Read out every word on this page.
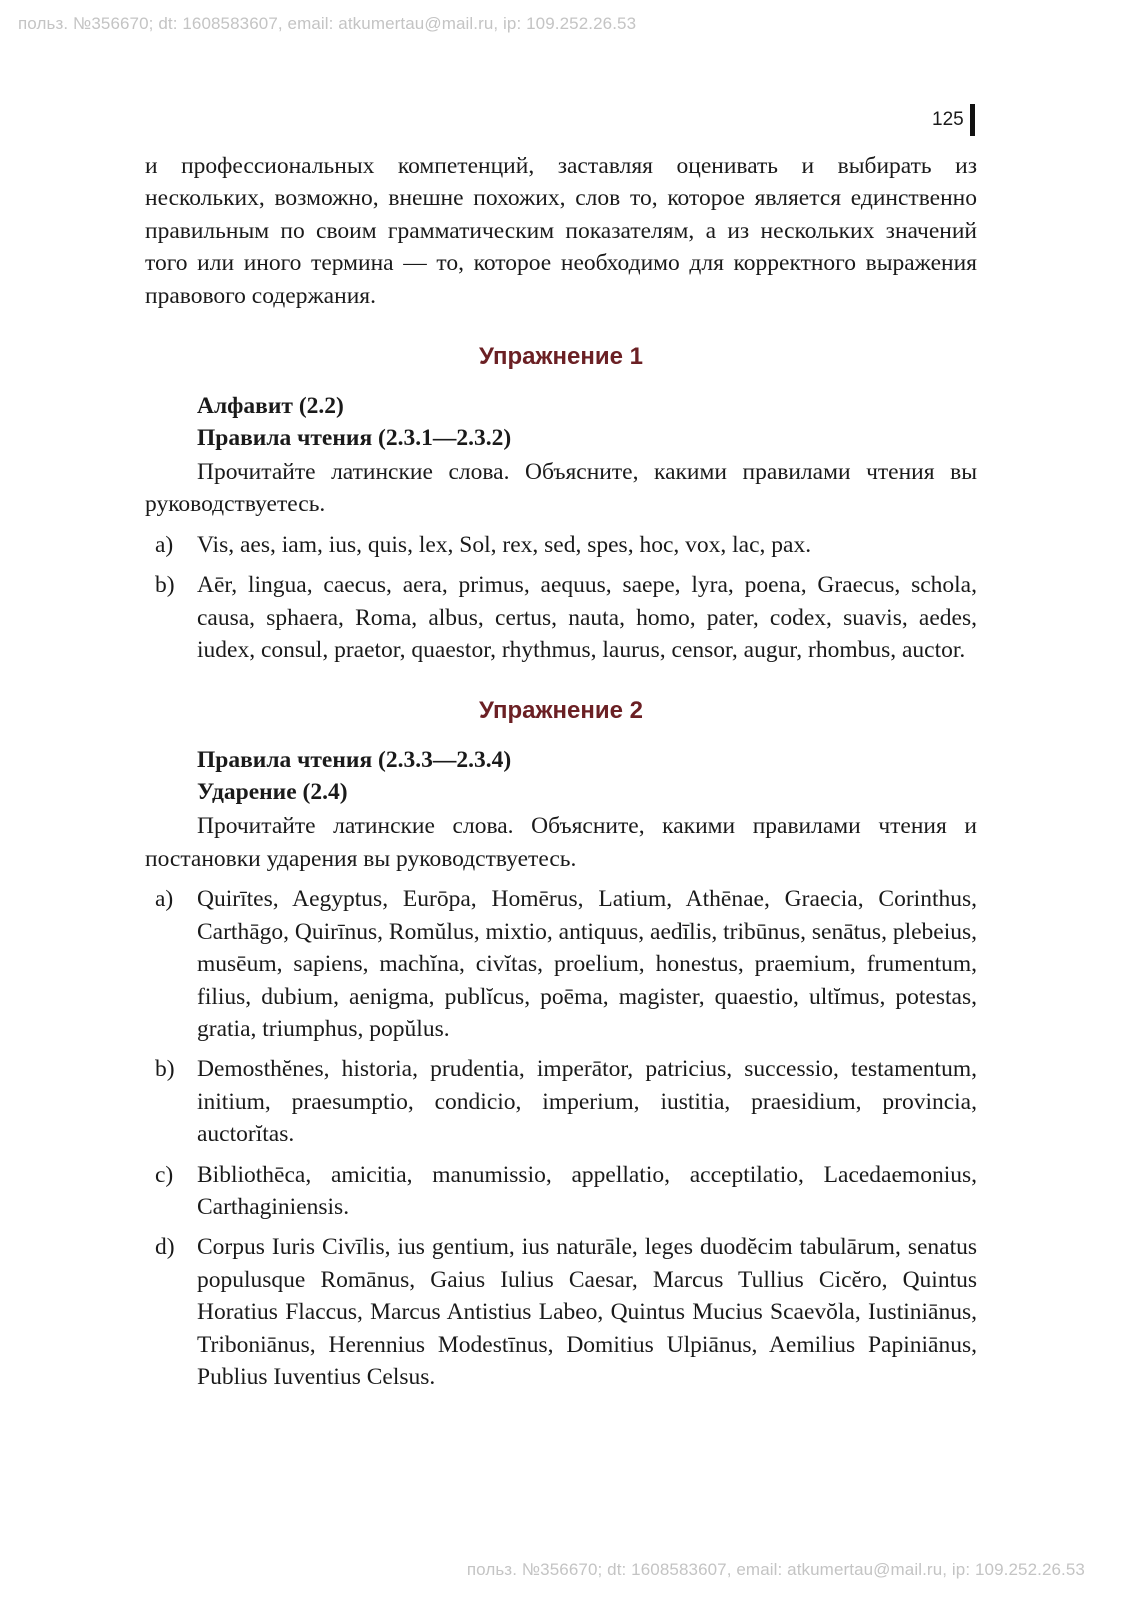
польз. №356670; dt: 1608583607, email: atkumertau@mail.ru, ip: 109.252.26.53
125

и профессиональных компетенций, заставляя оценивать и выбирать из нескольких, возможно, внешне похожих, слов то, которое является единственно правильным по своим грамматическим показателям, а из нескольких значений того или иного термина — то, которое необходимо для корректного выражения правового содержания.

Упражнение 1
Алфавит (2.2)
Правила чтения (2.3.1—2.3.2)

Прочитайте латинские слова. Объясните, какими правилами чтения вы руководствуетесь.

a)	Vis, aes, iam, ius, quis, lex, Sol, rex, sed, spes, hoc, vox, lac, pax.
b) Aēr, lingua, caecus, aera, primus, aequus, saepe, lyra, poena, Graecus, schola, causa, sphaera, Roma, albus, certus, nauta, homo, pater, codex, suavis, aedes, iudex, consul, praetor, quaestor, rhythmus, laurus, censor, augur, rhombus, auctor.
Упражнение 2
Правила чтения (2.3.3—2.3.4)
Ударение (2.4)

Прочитайте латинские слова. Объясните, какими правилами чтения и постановки ударения вы руководствуетесь.

a)	Quirītes, Aegyptus, Eurōpa, Homērus, Latium, Athēnae, Graecia, Corinthus, Carthāgo, Quirīnus, Romŭlus, mixtio, antiquus, aedīlis, tribūnus, senātus, plebeius, musēum, sapiens, machĭna, civĭtas, proelium, honestus, praemium, frumentum, filius, dubium, aenigma, publĭcus, poēma, magister, quaestio, ultĭmus, potestas, gratia, triumphus, popŭlus.
b) Demosthĕnes, historia, prudentia, imperātor, patricius, successio, testamentum, initium, praesumptio, condicio, imperium, iustitia, praesidium, provincia, auctorĭtas.
c)	Bibliothēca, amicitia, manumissio, appellatio, acceptilatio, Lacedaemonius, Carthaginiensis.
d) Corpus Iuris Civīlis, ius gentium, ius naturāle, leges duodĕcim tabulārum, senatus populusque Romānus, Gaius Iulius Caesar, Marcus Tullius Cicĕro, Quintus Horatius Flaccus, Marcus Antistius Labeo, Quintus Mucius Scaevŏla, Iustiniānus, Triboniānus, Herennius Modestīnus, Domitius Ulpiānus, Aemilius Papiniānus, Publius Iuventius Celsus.
польз. №356670; dt: 1608583607, email: atkumertau@mail.ru, ip: 109.252.26.53
